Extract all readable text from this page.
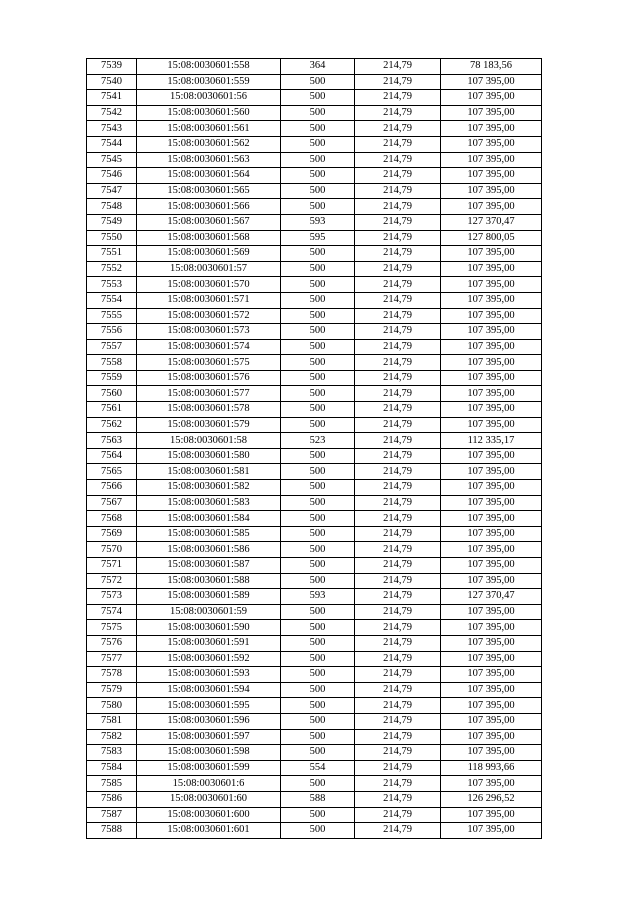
7539	15:08:0030601:558	364	214,79	78 183,56
7540	15:08:0030601:559	500	214,79	107 395,00
7541	15:08:0030601:56	500	214,79	107 395,00
7542	15:08:0030601:560	500	214,79	107 395,00
7543	15:08:0030601:561	500	214,79	107 395,00
7544	15:08:0030601:562	500	214,79	107 395,00
7545	15:08:0030601:563	500	214,79	107 395,00
7546	15:08:0030601:564	500	214,79	107 395,00
7547	15:08:0030601:565	500	214,79	107 395,00
7548	15:08:0030601:566	500	214,79	107 395,00
7549	15:08:0030601:567	593	214,79	127 370,47
7550	15:08:0030601:568	595	214,79	127 800,05
7551	15:08:0030601:569	500	214,79	107 395,00
7552	15:08:0030601:57	500	214,79	107 395,00
7553	15:08:0030601:570	500	214,79	107 395,00
7554	15:08:0030601:571	500	214,79	107 395,00
7555	15:08:0030601:572	500	214,79	107 395,00
7556	15:08:0030601:573	500	214,79	107 395,00
7557	15:08:0030601:574	500	214,79	107 395,00
7558	15:08:0030601:575	500	214,79	107 395,00
7559	15:08:0030601:576	500	214,79	107 395,00
7560	15:08:0030601:577	500	214,79	107 395,00
7561	15:08:0030601:578	500	214,79	107 395,00
7562	15:08:0030601:579	500	214,79	107 395,00
7563	15:08:0030601:58	523	214,79	112 335,17
7564	15:08:0030601:580	500	214,79	107 395,00
7565	15:08:0030601:581	500	214,79	107 395,00
7566	15:08:0030601:582	500	214,79	107 395,00
7567	15:08:0030601:583	500	214,79	107 395,00
7568	15:08:0030601:584	500	214,79	107 395,00
7569	15:08:0030601:585	500	214,79	107 395,00
7570	15:08:0030601:586	500	214,79	107 395,00
7571	15:08:0030601:587	500	214,79	107 395,00
7572	15:08:0030601:588	500	214,79	107 395,00
7573	15:08:0030601:589	593	214,79	127 370,47
7574	15:08:0030601:59	500	214,79	107 395,00
7575	15:08:0030601:590	500	214,79	107 395,00
7576	15:08:0030601:591	500	214,79	107 395,00
7577	15:08:0030601:592	500	214,79	107 395,00
7578	15:08:0030601:593	500	214,79	107 395,00
7579	15:08:0030601:594	500	214,79	107 395,00
7580	15:08:0030601:595	500	214,79	107 395,00
7581	15:08:0030601:596	500	214,79	107 395,00
7582	15:08:0030601:597	500	214,79	107 395,00
7583	15:08:0030601:598	500	214,79	107 395,00
7584	15:08:0030601:599	554	214,79	118 993,66
7585	15:08:0030601:6	500	214,79	107 395,00
7586	15:08:0030601:60	588	214,79	126 296,52
7587	15:08:0030601:600	500	214,79	107 395,00
7588	15:08:0030601:601	500	214,79	107 395,00
